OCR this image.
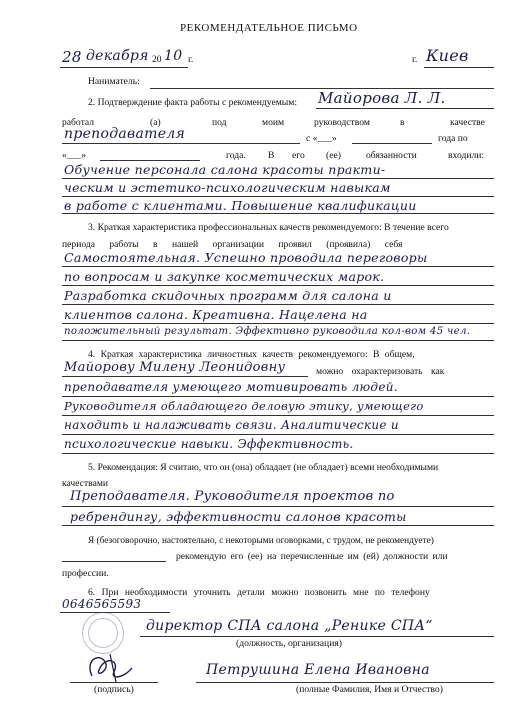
РЕКОМЕНДАТЕЛЬНОЕ ПИСЬМО
28 декабря 20 10 г.	г. Киев
Наниматель:
2. Подтверждение факта работы с рекомендуемым: Майорова Л. Л.
работал	(а)	под	моим	руководством	в	качестве
преподавателя	с «___»	года по
«___»	года. В его (ее)	обязанности	входили:
Обучение персонала салона красоты практи-
ческим и эстетико-психологическим навыкам
в работе с клиентами. Повышение квалификации
3. Краткая характеристика профессиональных качеств рекомендуемого: В течение всего
периода работы в нашей организации проявил (проявила) себя
Самостоятельная. Успешно проводила переговоры
по вопросам и закупке косметических марок.
Разработка скидочных программ для салона и
клиентов салона. Креативна. Нацелена на
положительный результат. Эффективно руководила кол-вом 45 чел.
4. Краткая характеристика личностных качеств рекомендуемого: В общем,
Майорову Милену Леонидовну	можно охарактеризовать как
преподавателя умеющего мотивировать людей.
Руководителя обладающего деловую этику, умеющего
находить и налаживать связи. Аналитические и
психологические навыки. Эффективность.
5. Рекомендация: Я считаю, что он (она) обладает (не обладает) всеми необходимыми
качествами
Преподавателя. Руководителя проектов по
ребрендингу, эффективности салонов красоты
Я (безоговорочно, настоятельно, с некоторыми оговорками, с трудом, не рекомендуете)
рекомендую его (ее) на перечисленные им (ей) должности или
профессии.
6. При необходимости уточнить детали можно позвонить мне по телефону
0646565593
директор СПА салона „Ренике СПА“
(должность, организация)
(подпись)
Петрушина Елена Ивановна
(полные Фамилия, Имя и Отчество)
